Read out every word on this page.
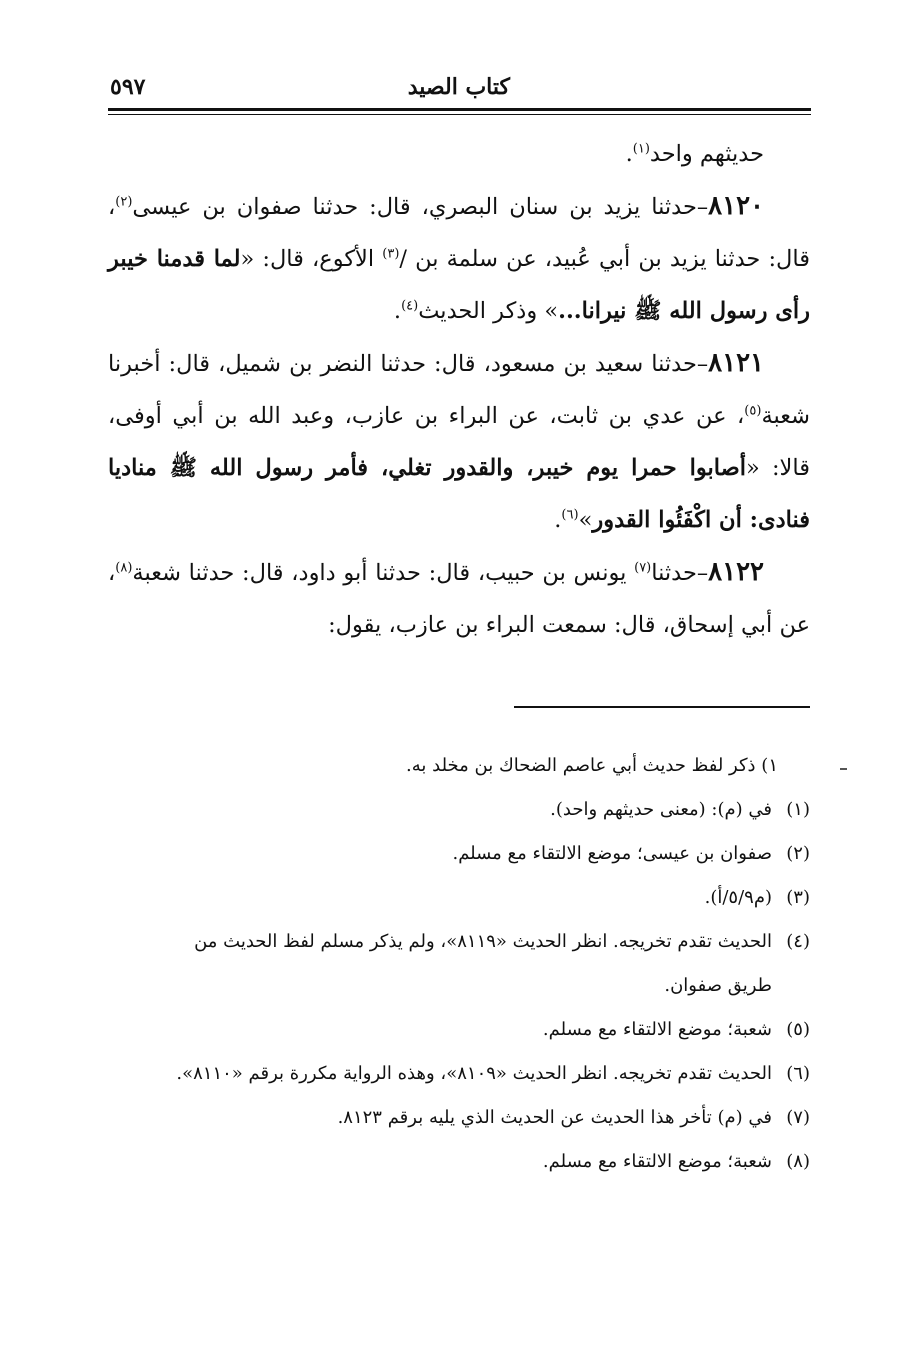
كتاب الصيد
٥٩٧

حديثهم واحد$^{(١)}$.

٨١٢٠–حدثنا يزيد بن سنان البصري، قال: حدثنا صفوان بن عيسى$^{(٢)}$، قال: حدثنا يزيد بن أبي عُبيد، عن سلمة بن /$^{(٣)}$ الأكوع، قال: «لما قدمنا خيبر رأى رسول الله ﷺ نيرانا...» وذكر الحديث$^{(٤)}$.

٨١٢١–حدثنا سعيد بن مسعود، قال: حدثنا النضر بن شميل، قال: أخبرنا شعبة$^{(٥)}$، عن عدي بن ثابت، عن البراء بن عازب، وعبد الله بن أبي أوفى، قالا: «أصابوا حمرا يوم خيبر، والقدور تغلي، فأمر رسول الله ﷺ مناديا فنادى: أن اكْفَئُوا القدور»$^{(٦)}$.

٨١٢٢–حدثنا$^{(٧)}$ يونس بن حبيب، قال: حدثنا أبو داود، قال: حدثنا شعبة$^{(٨)}$، عن أبي إسحاق، قال: سمعت البراء بن عازب، يقول:

١) ذكر لفظ حديث أبي عاصم الضحاك بن مخلد به.

(١)في (م): (معنى حديثهم واحد).

(٢)صفوان بن عيسى؛ موضع الالتقاء مع مسلم.

(٣)(م٥/٩/أ).

(٤)الحديث تقدم تخريجه. انظر الحديث «٨١١٩»، ولم يذكر مسلم لفظ الحديث من

طريق صفوان.

(٥)شعبة؛ موضع الالتقاء مع مسلم.

(٦)الحديث تقدم تخريجه. انظر الحديث «٨١٠٩»، وهذه الرواية مكررة برقم «٨١١٠».

(٧)في (م) تأخر هذا الحديث عن الحديث الذي يليه برقم ٨١٢٣.

(٨)شعبة؛ موضع الالتقاء مع مسلم.
